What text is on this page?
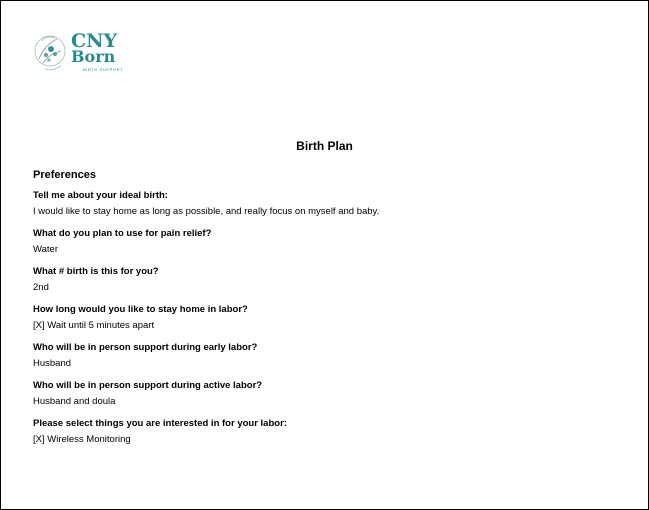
CNY
Born
BIRTH SUPPORT
Birth Plan
Preferences
Tell me about your ideal birth:
I would like to stay home as long as possible, and really focus on myself and baby.
What do you plan to use for pain relief?
Water
What # birth is this for you?
2nd
How long would you like to stay home in labor?
[X] Wait until 5 minutes apart
Who will be in person support during early labor?
Husband
Who will be in person support during active labor?
Husband and doula
Please select things you are interested in for your labor:
[X] Wireless Monitoring
